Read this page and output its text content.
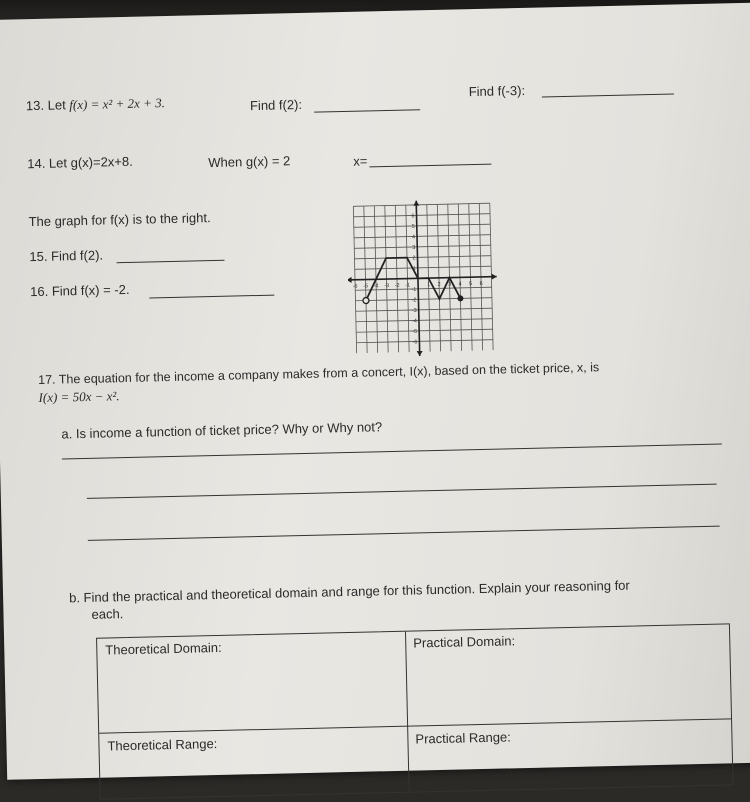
13. Let f(x) = x² + 2x + 3.	Find f(2):
Find f(-3):
14. Let g(x)=2x+8.	When g(x) = 2	x=
The graph for f(x) is to the right.
15. Find f(2).
16. Find f(x) = -2.	-6 -5 -4 -3 -2 -1	1 2 3 4 5 6
6
5
4
3
2
1
-1
-2
-3
-4
-5
-6
17. The equation for the income a company makes from a concert, I(x), based on the ticket price, x, is
I(x) = 50x − x².
a. Is income a function of ticket price? Why or Why not?
b. Find the practical and theoretical domain and range for this function. Explain your reasoning for
each.
Theoretical Domain:	Practical Domain:
Theoretical Range:	Practical Range:
